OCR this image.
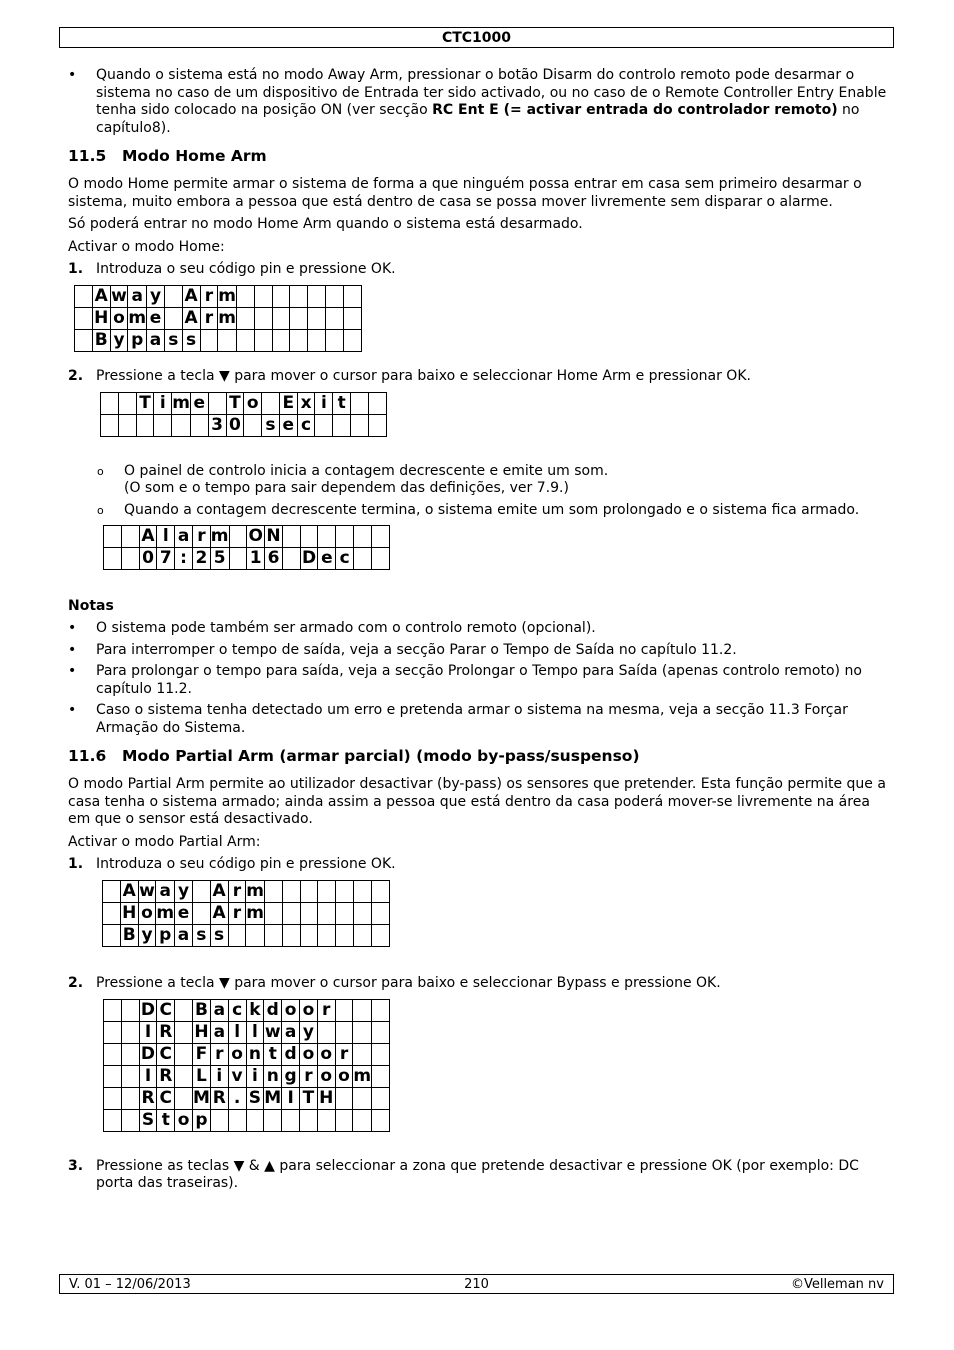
CTC1000
• Quando o sistema está no modo Away Arm, pressionar o botão Disarm do controlo remoto pode desarmar o sistema no caso de um dispositivo de Entrada ter sido activado, ou no caso de o Remote Controller Entry Enable tenha sido colocado na posição ON (ver secção RC Ent E (= activar entrada do controlador remoto) no capítulo8).
11.5 Modo Home Arm

O modo Home permite armar o sistema de forma a que ninguém possa entrar em casa sem primeiro desarmar o sistema, muito embora a pessoa que está dentro de casa se possa mover livremente sem disparar o alarme.

Só poderá entrar no modo Home Arm quando o sistema está desarmado.

Activar o modo Home:

1. Introduza o seu código pin e pressione OK.
	A	w	a	y		A	r	m							
	H	o	m	e		A	r	m							
	B	y	p	a	s	s									
2. Pressione a tecla ▼ para mover o cursor para baixo e seleccionar Home Arm e pressionar OK.
		T	i	m	e		T	o		E	x	i	t		
						3	0		s	e	c				
o O painel de controlo inicia a contagem decrescente e emite um som.
(O som e o tempo para sair dependem das definições, ver 7.9.)
o Quando a contagem decrescente termina, o sistema emite um som prolongado e o sistema fica armado.
		A	l	a	r	m		O	N						
		0	7	:	2	5		1	6		D	e	c		
Notas
• O sistema pode também ser armado com o controlo remoto (opcional).
• Para interromper o tempo de saída, veja a secção Parar o Tempo de Saída no capítulo 11.2.
• Para prolongar o tempo para saída, veja a secção Prolongar o Tempo para Saída (apenas controlo remoto) no capítulo 11.2.
• Caso o sistema tenha detectado um erro e pretenda armar o sistema na mesma, veja a secção 11.3 Forçar Armação do Sistema.
11.6 Modo Partial Arm (armar parcial) (modo by-pass/suspenso)

O modo Partial Arm permite ao utilizador desactivar (by-pass) os sensores que pretender. Esta função permite que a casa tenha o sistema armado; ainda assim a pessoa que está dentro da casa poderá mover-se livremente na área em que o sensor está desactivado.

Activar o modo Partial Arm:

1. Introduza o seu código pin e pressione OK.
	A	w	a	y		A	r	m							
	H	o	m	e		A	r	m							
	B	y	p	a	s	s									
2. Pressione a tecla ▼ para mover o cursor para baixo e seleccionar Bypass e pressione OK.
		D	C		B	a	c	k	d	o	o	r			
		I	R		H	a	l	l	w	a	y				
		D	C		F	r	o	n	t	d	o	o	r		
		I	R		L	i	v	i	n	g	r	o	o	m	
		R	C		M	R	.	S	M	I	T	H			
		S	t	o	p										
3. Pressione as teclas ▼ & ▲ para seleccionar a zona que pretende desactivar e pressione OK (por exemplo: DC porta das traseiras).
V. 01 – 12/06/2013	210	©Velleman nv
